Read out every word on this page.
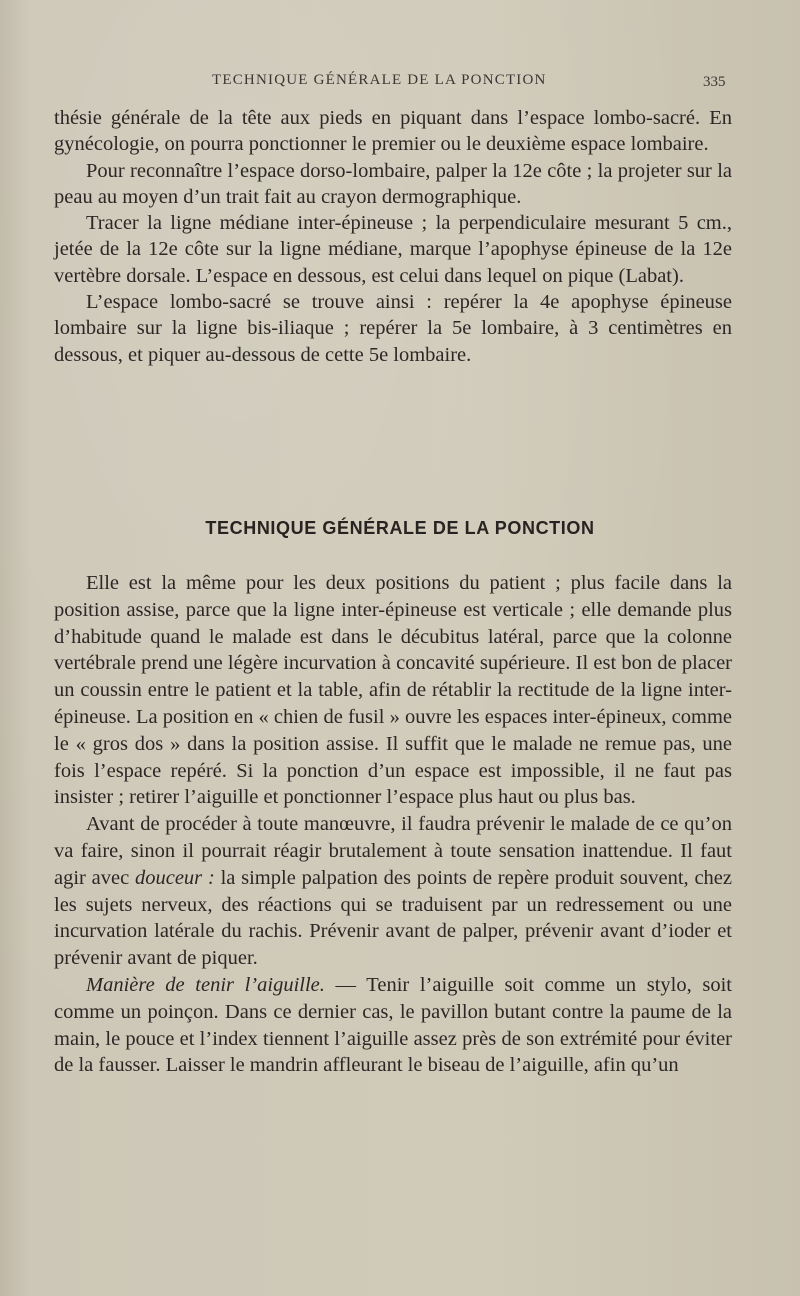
TECHNIQUE GÉNÉRALE DE LA PONCTION	335

thésie générale de la tête aux pieds en piquant dans l’espace lombo-sacré. En gynécologie, on pourra ponctionner le premier ou le deuxième espace lombaire.

Pour reconnaître l’espace dorso-lombaire, palper la 12e côte ; la projeter sur la peau au moyen d’un trait fait au crayon dermographique.

Tracer la ligne médiane inter-épineuse ; la perpendiculaire mesurant 5 cm., jetée de la 12e côte sur la ligne médiane, marque l’apophyse épineuse de la 12e vertèbre dorsale. L’espace en dessous, est celui dans lequel on pique (Labat).

L’espace lombo-sacré se trouve ainsi : repérer la 4e apophyse épineuse lombaire sur la ligne bis-iliaque ; repérer la 5e lombaire, à 3 centimètres en dessous, et piquer au-dessous de cette 5e lombaire.

TECHNIQUE GÉNÉRALE DE LA PONCTION

Elle est la même pour les deux positions du patient ; plus facile dans la position assise, parce que la ligne inter-épineuse est verticale ; elle demande plus d’habitude quand le malade est dans le décubitus latéral, parce que la colonne vertébrale prend une légère incurvation à concavité supérieure. Il est bon de placer un coussin entre le patient et la table, afin de rétablir la rectitude de la ligne inter-épineuse. La position en « chien de fusil » ouvre les espaces inter-épineux, comme le « gros dos » dans la position assise. Il suffit que le malade ne remue pas, une fois l’espace repéré. Si la ponction d’un espace est impossible, il ne faut pas insister ; retirer l’aiguille et ponctionner l’espace plus haut ou plus bas.

Avant de procéder à toute manœuvre, il faudra prévenir le malade de ce qu’on va faire, sinon il pourrait réagir brutalement à toute sensation inattendue. Il faut agir avec douceur : la simple palpation des points de repère produit souvent, chez les sujets nerveux, des réactions qui se traduisent par un redressement ou une incurvation latérale du rachis. Prévenir avant de palper, prévenir avant d’ioder et prévenir avant de piquer.

Manière de tenir l’aiguille. — Tenir l’aiguille soit comme un stylo, soit comme un poinçon. Dans ce dernier cas, le pavillon butant contre la paume de la main, le pouce et l’index tiennent l’aiguille assez près de son extrémité pour éviter de la fausser. Laisser le mandrin affleurant le biseau de l’aiguille, afin qu’un
